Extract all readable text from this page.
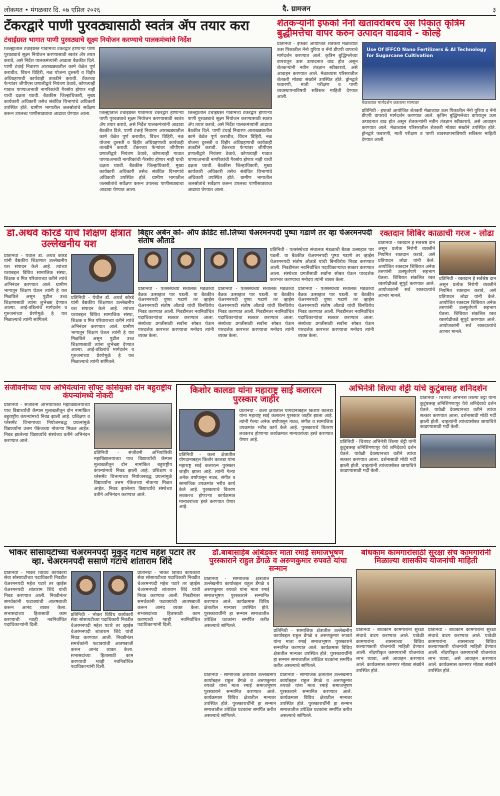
लोकमत • मंगळवार दि. ०७ एप्रिल २०२६	दै. ग्रामजन	३
टँकरद्वारे पाणी पुरवठ्यासाठी स्वतंत्र ॲप तयार करा
टंचाईग्रस्त भागात पाणी पुरवठ्याचे सूक्ष्म नियोजन करण्याचे पालकमंत्र्यांचे निर्देश
जिल्ह्यातील टंचाईग्रस्त गावांमध्ये टँकरद्वारे होणाऱ्या पाणी पुरवठ्याचे सूक्ष्म नियोजन करण्यासाठी स्वतंत्र ॲप तयार करावे, असे निर्देश पालकमंत्र्यांनी आढावा बैठकीत दिले. पाणी टंचाई निवारण आराखड्यातील कामे वेळेत पूर्ण करावीत, विंधन विहिरी, नळ योजना दुरुस्ती व विहीर अधिग्रहणाची कार्यवाही तातडीने करावी. टँकरच्या फेऱ्यांवर जीपीएस प्रणालीद्वारे नियंत्रण ठेवावे, कोणत्याही गावात पाण्याअभावी नागरिकांची गैरसोय होणार नाही याची दक्षता घ्यावी. बैठकीस जिल्हाधिकारी, मुख्य कार्यकारी अधिकारी तसेच संबंधित विभागांचे अधिकारी उपस्थित होते. ग्रामीण भागातील जलस्रोतांचे सर्वेक्षण करून उपलब्ध पाणीसाठ्याचा आढावा घेण्यात आला.	जिल्ह्यातील टंचाईग्रस्त गावांमध्ये टँकरद्वारे होणाऱ्या पाणी पुरवठ्याचे सूक्ष्म नियोजन करण्यासाठी स्वतंत्र ॲप तयार करावे, असे निर्देश पालकमंत्र्यांनी आढावा बैठकीत दिले. पाणी टंचाई निवारण आराखड्यातील कामे वेळेत पूर्ण करावीत, विंधन विहिरी, नळ योजना दुरुस्ती व विहीर अधिग्रहणाची कार्यवाही तातडीने करावी. टँकरच्या फेऱ्यांवर जीपीएस प्रणालीद्वारे नियंत्रण ठेवावे, कोणत्याही गावात पाण्याअभावी नागरिकांची गैरसोय होणार नाही याची दक्षता घ्यावी. बैठकीस जिल्हाधिकारी, मुख्य कार्यकारी अधिकारी तसेच संबंधित विभागांचे अधिकारी उपस्थित होते. ग्रामीण भागातील जलस्रोतांचे सर्वेक्षण करून उपलब्ध पाणीसाठ्याचा आढावा घेण्यात आला.
जिल्ह्यातील टंचाईग्रस्त गावांमध्ये टँकरद्वारे होणाऱ्या पाणी पुरवठ्याचे सूक्ष्म नियोजन करण्यासाठी स्वतंत्र ॲप तयार करावे, असे निर्देश पालकमंत्र्यांनी आढावा बैठकीत दिले. पाणी टंचाई निवारण आराखड्यातील कामे वेळेत पूर्ण करावीत, विंधन विहिरी, नळ योजना दुरुस्ती व विहीर अधिग्रहणाची कार्यवाही तातडीने करावी. टँकरच्या फेऱ्यांवर जीपीएस प्रणालीद्वारे नियंत्रण ठेवावे, कोणत्याही गावात पाण्याअभावी नागरिकांची गैरसोय होणार नाही याची दक्षता घ्यावी. बैठकीस जिल्हाधिकारी, मुख्य कार्यकारी अधिकारी तसेच संबंधित विभागांचे अधिकारी उपस्थित होते. ग्रामीण भागातील जलस्रोतांचे सर्वेक्षण करून उपलब्ध पाणीसाठ्याचा आढावा घेण्यात आला.
शेतकऱ्यांनी इफको नॅनो खतावरोबरच उस पिकात कृत्रिम बुद्धीमत्तेचा वापर करुन उत्पादन वाढवावे - कोल्हे
प्रतिनिधी - इफको आयोजित शेतकरी मेळाव्यात ऊस पिकातील नॅनो युरिया व नॅनो डीएपी वापराचे मार्गदर्शन करण्यात आले. कृत्रिम बुद्धिमत्तेच्या वापरातून ऊस उत्पादनात वाढ होत असून शेतकऱ्यांनी नवीन तंत्रज्ञान स्वीकारावे, असे आवाहन करण्यात आले. मेळाव्यास परिसरातील शेतकरी मोठ्या संख्येने उपस्थित होते. ड्रोनद्वारे फवारणी, माती परीक्षण व पाणी व्यवस्थापनाविषयी सविस्तर माहिती देण्यात आली.
Use Of IFFCO Nano Fertilizers & AI Technology for Sugarcane Cultivation
मेळाव्यात मार्गदर्शन करताना मान्यवर
प्रतिनिधी - इफको आयोजित शेतकरी मेळाव्यात ऊस पिकातील नॅनो युरिया व नॅनो डीएपी वापराचे मार्गदर्शन करण्यात आले. कृत्रिम बुद्धिमत्तेच्या वापरातून ऊस उत्पादनात वाढ होत असून शेतकऱ्यांनी नवीन तंत्रज्ञान स्वीकारावे, असे आवाहन करण्यात आले. मेळाव्यास परिसरातील शेतकरी मोठ्या संख्येने उपस्थित होते. ड्रोनद्वारे फवारणी, माती परीक्षण व पाणी व्यवस्थापनाविषयी सविस्तर माहिती देण्यात आली.
डॉ.अथर्व कोरडे यांचे शिक्षण क्षेत्रात उल्लेखनीय यश
प्रतिनिधी - येथील डॉ. अथर्व कोरडे यांनी वैद्यकीय शिक्षणात उल्लेखनीय यश संपादन केले आहे. त्यांच्या यशाबद्दल विविध सामाजिक संस्था, शिक्षक व मित्र परिवाराच्या वतीने त्यांचे अभिनंदन करण्यात आले. ग्रामीण भागातून शिक्षण घेऊन त्यांनी हे यश मिळविले असून पुढील उच्च शिक्षणासाठी त्यांना शुभेच्छा देण्यात आल्या. आई-वडिलांचे मार्गदर्शन व गुरुजनांच्या प्रेरणेमुळे हे यश मिळाल्याचे त्यांनी सांगितले.
प्रतिनिधी - येथील डॉ. अथर्व कोरडे यांनी वैद्यकीय शिक्षणात उल्लेखनीय यश संपादन केले आहे. त्यांच्या यशाबद्दल विविध सामाजिक संस्था, शिक्षक व मित्र परिवाराच्या वतीने त्यांचे अभिनंदन करण्यात आले. ग्रामीण भागातून शिक्षण घेऊन त्यांनी हे यश मिळविले असून पुढील उच्च शिक्षणासाठी त्यांना शुभेच्छा देण्यात आल्या. आई-वडिलांचे मार्गदर्शन व गुरुजनांच्या प्रेरणेमुळे हे यश मिळाल्याचे त्यांनी सांगितले.
बिहार अर्बन को- ऑप क्रेडिट सो.लिच्या चेअरमनपदी पुष्पा गडाणे तर व्हा चेअरमनपदी संतोष औताडे
प्रतिनिधी - पतसंस्थेच्या संचालक मंडळाची बैठक उत्साहात पार पडली. या बैठकीत चेअरमनपदी पुष्पा गडाणे तर व्हाईस चेअरमनपदी संतोष औताडे यांची बिनविरोध निवड करण्यात आली. निवडीनंतर नवनिर्वाचित पदाधिकाऱ्यांचा सत्कार करण्यात आला. संस्थेच्या प्रगतीसाठी सर्वांना सोबत घेऊन पारदर्शक कारभार करण्याचा मनोदय त्यांनी व्यक्त केला.
प्रतिनिधी - पतसंस्थेच्या संचालक मंडळाची बैठक उत्साहात पार पडली. या बैठकीत चेअरमनपदी पुष्पा गडाणे तर व्हाईस चेअरमनपदी संतोष औताडे यांची बिनविरोध निवड करण्यात आली. निवडीनंतर नवनिर्वाचित पदाधिकाऱ्यांचा सत्कार करण्यात आला. संस्थेच्या प्रगतीसाठी सर्वांना सोबत घेऊन पारदर्शक कारभार करण्याचा मनोदय त्यांनी व्यक्त केला.
प्रतिनिधी - पतसंस्थेच्या संचालक मंडळाची बैठक उत्साहात पार पडली. या बैठकीत चेअरमनपदी पुष्पा गडाणे तर व्हाईस चेअरमनपदी संतोष औताडे यांची बिनविरोध निवड करण्यात आली. निवडीनंतर नवनिर्वाचित पदाधिकाऱ्यांचा सत्कार करण्यात आला. संस्थेच्या प्रगतीसाठी सर्वांना सोबत घेऊन पारदर्शक कारभार करण्याचा मनोदय त्यांनी व्यक्त केला.
प्रतिनिधी - पतसंस्थेच्या संचालक मंडळाची बैठक उत्साहात पार पडली. या बैठकीत चेअरमनपदी पुष्पा गडाणे तर व्हाईस चेअरमनपदी संतोष औताडे यांची बिनविरोध निवड करण्यात आली. निवडीनंतर नवनिर्वाचित पदाधिकाऱ्यांचा सत्कार करण्यात आला. संस्थेच्या प्रगतीसाठी सर्वांना सोबत घेऊन पारदर्शक कारभार करण्याचा मनोदय त्यांनी व्यक्त केला.
रक्तदान शिबिर काळाची गरज - लोढा
प्रतिनिधी - रक्तदान हे सर्वश्रेष्ठ दान असून प्रत्येक निरोगी व्यक्तीने नियमित रक्तदान करावे, असे प्रतिपादन लोढा यांनी केले. आयोजित रक्तदान शिबिरात अनेक तरुणांनी उत्स्फूर्तपणे सहभाग घेतला. शिबिरात संकलित रक्त रक्तपेढीकडे सुपूर्द करण्यात आले. आयोजकांनी सर्व रक्तदात्यांचे आभार मानले.
प्रतिनिधी - रक्तदान हे सर्वश्रेष्ठ दान असून प्रत्येक निरोगी व्यक्तीने नियमित रक्तदान करावे, असे प्रतिपादन लोढा यांनी केले. आयोजित रक्तदान शिबिरात अनेक तरुणांनी उत्स्फूर्तपणे सहभाग घेतला. शिबिरात संकलित रक्त रक्तपेढीकडे सुपूर्द करण्यात आले. आयोजकांनी सर्व रक्तदात्यांचे आभार मानले.
संजीवनीच्या पाच अभियंत्यांना सॉफ्ट कोर्सयुक्ते दोन बहुराष्ट्रीय कंपन्यांमध्ये नोकरी
प्रतिनिधी - संजीवनी अभियांत्रिकी महाविद्यालयाच्या पाच विद्यार्थ्यांची कॅम्पस मुलाखतीतून दोन नामांकित बहुराष्ट्रीय कंपन्यांमध्ये निवड झाली आहे. प्रशिक्षण व प्लेसमेंट विभागाच्या नियोजनबद्ध प्रयत्नांमुळे विद्यार्थ्यांना उत्तम पॅकेजच्या नोकऱ्या मिळत आहेत. निवड झालेल्या विद्यार्थ्यांचे संस्थेच्या वतीने अभिनंदन करण्यात आले.
प्रतिनिधी - संजीवनी अभियांत्रिकी महाविद्यालयाच्या पाच विद्यार्थ्यांची कॅम्पस मुलाखतीतून दोन नामांकित बहुराष्ट्रीय कंपन्यांमध्ये निवड झाली आहे. प्रशिक्षण व प्लेसमेंट विभागाच्या नियोजनबद्ध प्रयत्नांमुळे विद्यार्थ्यांना उत्तम पॅकेजच्या नोकऱ्या मिळत आहेत. निवड झालेल्या विद्यार्थ्यांचे संस्थेच्या वतीने अभिनंदन करण्यात आले.
किशोर कालडा यांना महाराष्ट्र साई कलारत्न पुरस्कार जाहीर
प्रतिनिधी - कला क्षेत्रातील योगदानाबद्दल किशोर कालडा यांना महाराष्ट्र साई कलारत्न पुरस्कार जाहीर झाला आहे. त्यांनी गेल्या अनेक वर्षांपासून नाट्य, संगीत व सामाजिक उपक्रमांत भरीव कार्य केले आहे. पुरस्काराचे वितरण लवकरच होणाऱ्या कार्यक्रमात मान्यवरांच्या हस्ते करण्यात येणार आहे.
प्रतिनिधी - कला क्षेत्रातील योगदानाबद्दल किशोर कालडा यांना महाराष्ट्र साई कलारत्न पुरस्कार जाहीर झाला आहे. त्यांनी गेल्या अनेक वर्षांपासून नाट्य, संगीत व सामाजिक उपक्रमांत भरीव कार्य केले आहे. पुरस्काराचे वितरण लवकरच होणाऱ्या कार्यक्रमात मान्यवरांच्या हस्ते करण्यात येणार आहे.
अभिनेत्री शिल्पा शेट्टी यांचे कुटुंबासह शनिदर्शन
प्रतिनिधी - चित्रपट अभिनेत्री शिल्पा शेट्टी यांनी कुटुंबासह शनिशिंगणापूर येथे शनिदेवाचे दर्शन घेतले. यावेळी देवस्थानच्या वतीने त्यांचा सत्कार करण्यात आला. दर्शनासाठी मोठी गर्दी झाली होती. चाहत्यांनी त्यांच्यासोबत छायाचित्रे काढण्यासाठी गर्दी केली.
प्रतिनिधी - चित्रपट अभिनेत्री शिल्पा शेट्टी यांनी कुटुंबासह शनिशिंगणापूर येथे शनिदेवाचे दर्शन घेतले. यावेळी देवस्थानच्या वतीने त्यांचा सत्कार करण्यात आला. दर्शनासाठी मोठी गर्दी झाली होती. चाहत्यांनी त्यांच्यासोबत छायाचित्रे काढण्यासाठी गर्दी केली.
भोकर सोसायटीच्या चेअरमनपदी मुकुंद गटाचे महेश पटारे तर व्हा. चेअरमनपदी ससाणे गटाचे शांताराम शिंदे
प्रतिनिधी - भोकर विविध कार्यकारी सेवा सोसायटीच्या पदाधिकारी निवडीत चेअरमनपदी महेश पटारे तर व्हाईस चेअरमनपदी शांताराम शिंदे यांची निवड करण्यात आली. निवडीनंतर समर्थकांनी फटाक्यांची आतषबाजी करून आनंद व्यक्त केला. सभासदांच्या हितासाठी काम करण्याची ग्वाही नवनिर्वाचित पदाधिकाऱ्यांनी दिली.
प्रतिनिधी - भोकर विविध कार्यकारी सेवा सोसायटीच्या पदाधिकारी निवडीत चेअरमनपदी महेश पटारे तर व्हाईस चेअरमनपदी शांताराम शिंदे यांची निवड करण्यात आली. निवडीनंतर समर्थकांनी फटाक्यांची आतषबाजी करून आनंद व्यक्त केला. सभासदांच्या हितासाठी काम करण्याची ग्वाही नवनिर्वाचित पदाधिकाऱ्यांनी दिली.
प्रतिनिधी - भोकर विविध कार्यकारी सेवा सोसायटीच्या पदाधिकारी निवडीत चेअरमनपदी महेश पटारे तर व्हाईस चेअरमनपदी शांताराम शिंदे यांची निवड करण्यात आली. निवडीनंतर समर्थकांनी फटाक्यांची आतषबाजी करून आनंद व्यक्त केला. सभासदांच्या हितासाठी काम करण्याची ग्वाही नवनिर्वाचित पदाधिकाऱ्यांनी दिली.
डॉ.बाबासाहेब आंबेडकर माता रमाई समाजभूषण पुरस्काराने राहुल डेंगळे व अरुणकुमार रुपवते यांचा सन्मान
प्रतिनिधी - सामाजिक क्षेत्रातील उल्लेखनीय कार्याबद्दल राहुल डेंगळे व अरुणकुमार रुपवते यांना माता रमाई समाजभूषण पुरस्काराने सन्मानित करण्यात आले. कार्यक्रमास विविध क्षेत्रातील मान्यवर उपस्थित होते. पुरस्कारार्थींनी हा सन्मान समाजातील उपेक्षित घटकांना समर्पित करीत असल्याचे सांगितले.
प्रतिनिधी - सामाजिक क्षेत्रातील उल्लेखनीय कार्याबद्दल राहुल डेंगळे व अरुणकुमार रुपवते यांना माता रमाई समाजभूषण पुरस्काराने सन्मानित करण्यात आले. कार्यक्रमास विविध क्षेत्रातील मान्यवर उपस्थित होते. पुरस्कारार्थींनी हा सन्मान समाजातील उपेक्षित घटकांना समर्पित करीत असल्याचे सांगितले.
प्रतिनिधी - सामाजिक क्षेत्रातील उल्लेखनीय कार्याबद्दल राहुल डेंगळे व अरुणकुमार रुपवते यांना माता रमाई समाजभूषण पुरस्काराने सन्मानित करण्यात आले. कार्यक्रमास विविध क्षेत्रातील मान्यवर उपस्थित होते. पुरस्कारार्थींनी हा सन्मान समाजातील उपेक्षित घटकांना समर्पित करीत असल्याचे सांगितले.
प्रतिनिधी - सामाजिक क्षेत्रातील उल्लेखनीय कार्याबद्दल राहुल डेंगळे व अरुणकुमार रुपवते यांना माता रमाई समाजभूषण पुरस्काराने सन्मानित करण्यात आले. कार्यक्रमास विविध क्षेत्रातील मान्यवर उपस्थित होते. पुरस्कारार्थींनी हा सन्मान समाजातील उपेक्षित घटकांना समर्पित करीत असल्याचे सांगितले.
बांधकाम कामगारांसाठी सुरक्षा संच कामगारांनी मिळाल्या शासकीय योजनांची माहिती
प्रतिनिधी - बांधकाम कामगारांना सुरक्षा संचाचे वाटप करण्यात आले. यावेळी कामगारांना शासनाच्या विविध कल्याणकारी योजनांची माहिती देण्यात आली. नोंदणीकृत कामगारांनी योजनांचा लाभ घ्यावा, असे आवाहन करण्यात आले. कार्यक्रमास कामगार मोठ्या संख्येने उपस्थित होते.
प्रतिनिधी - बांधकाम कामगारांना सुरक्षा संचाचे वाटप करण्यात आले. यावेळी कामगारांना शासनाच्या विविध कल्याणकारी योजनांची माहिती देण्यात आली. नोंदणीकृत कामगारांनी योजनांचा लाभ घ्यावा, असे आवाहन करण्यात आले. कार्यक्रमास कामगार मोठ्या संख्येने उपस्थित होते.
